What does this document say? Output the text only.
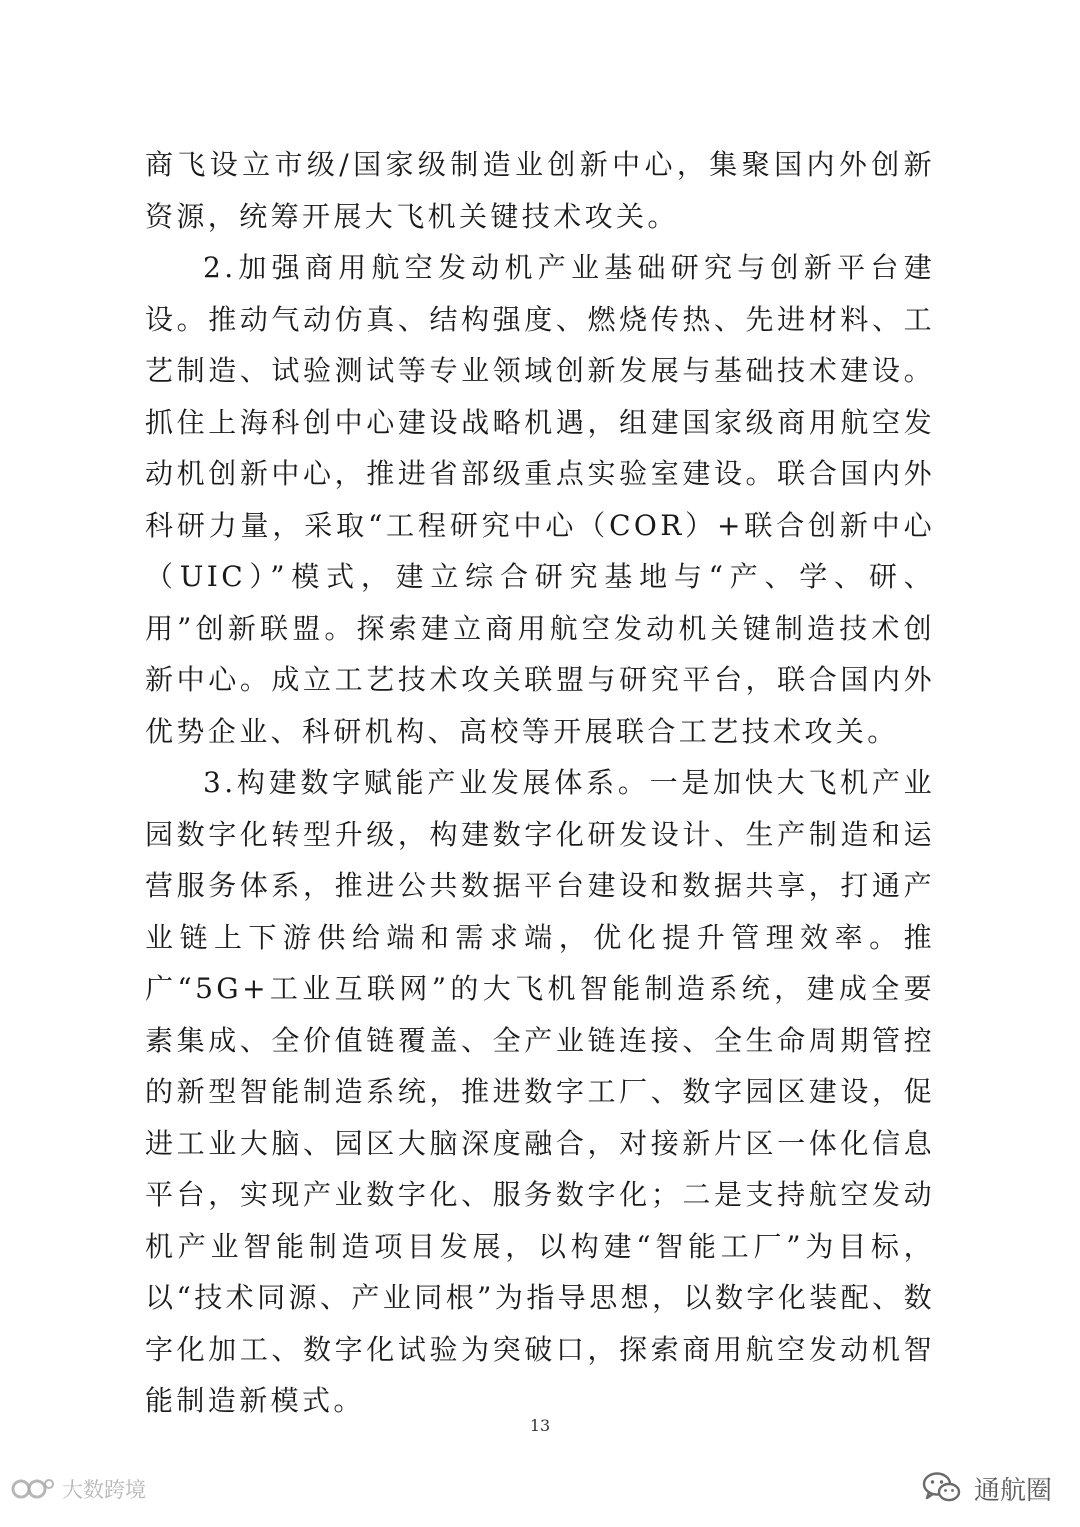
商飞设立市级/国家级制造业创新中心，集聚国内外创新资源，统筹开展大飞机关键技术攻关。

2.加强商用航空发动机产业基础研究与创新平台建设。推动气动仿真、结构强度、燃烧传热、先进材料、工艺制造、试验测试等专业领域创新发展与基础技术建设。抓住上海科创中心建设战略机遇，组建国家级商用航空发动机创新中心，推进省部级重点实验室建设。联合国内外科研力量，采取“工程研究中心（COR）+联合创新中心（UIC）”模式，建立综合研究基地与“产、学、研、用”创新联盟。探索建立商用航空发动机关键制造技术创新中心。成立工艺技术攻关联盟与研究平台，联合国内外优势企业、科研机构、高校等开展联合工艺技术攻关。

3.构建数字赋能产业发展体系。一是加快大飞机产业园数字化转型升级，构建数字化研发设计、生产制造和运营服务体系，推进公共数据平台建设和数据共享，打通产业链上下游供给端和需求端，优化提升管理效率。推广“5G+工业互联网”的大飞机智能制造系统，建成全要素集成、全价值链覆盖、全产业链连接、全生命周期管控的新型智能制造系统，推进数字工厂、数字园区建设，促进工业大脑、园区大脑深度融合，对接新片区一体化信息平台，实现产业数字化、服务数字化；二是支持航空发动机产业智能制造项目发展，以构建“智能工厂”为目标，以“技术同源、产业同根”为指导思想，以数字化装配、数字化加工、数字化试验为突破口，探索商用航空发动机智能制造新模式。

13
大数跨境	通航圈
